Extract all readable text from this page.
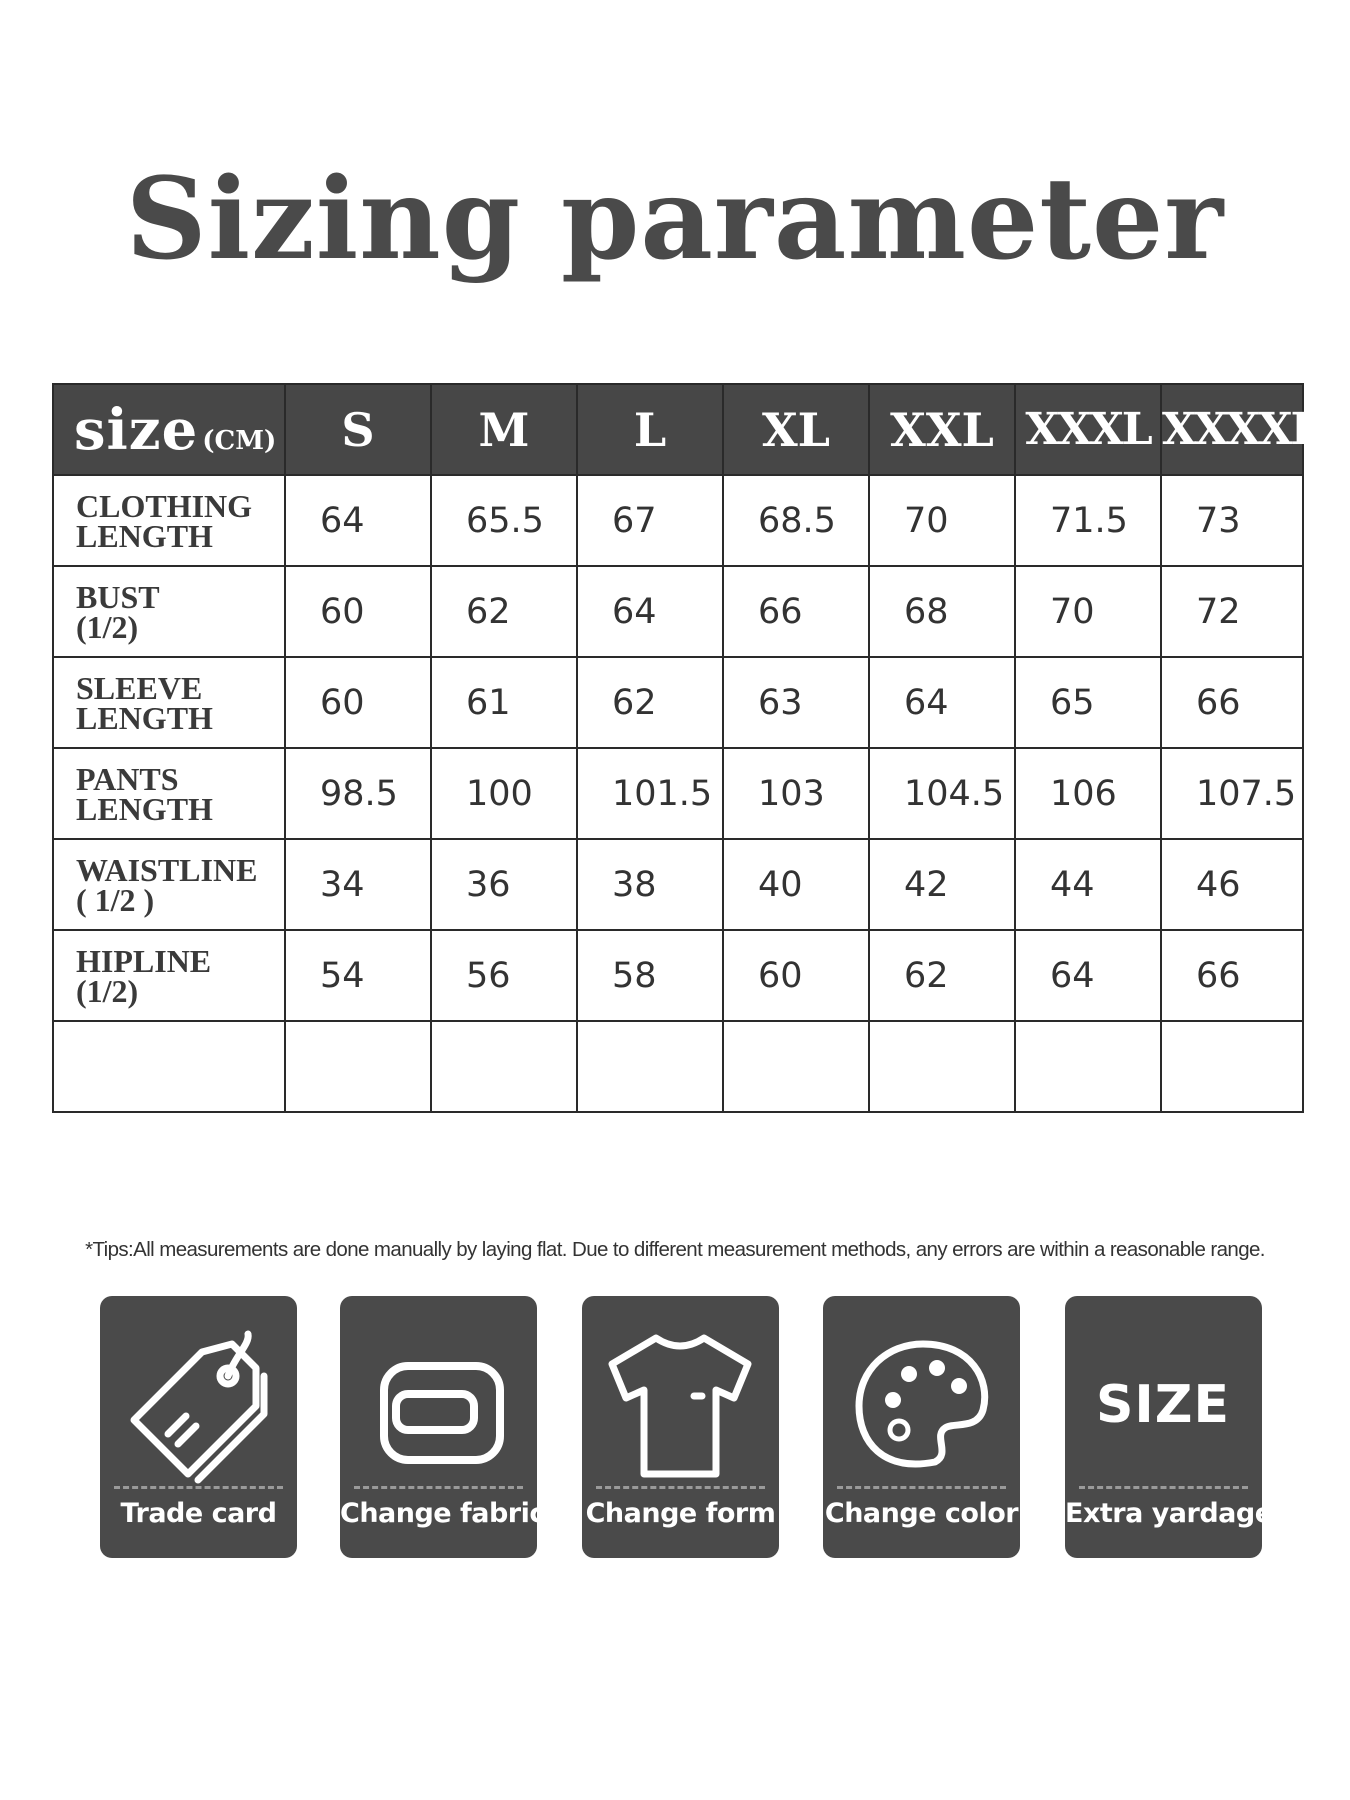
Sizing parameter
size (CM)	S	M	L	XL	XXL	XXXL	XXXXL
CLOTHING
LENGTH	64	65.5	67	68.5	70	71.5	73
BUST
(1/2)	60	62	64	66	68	70	72
SLEEVE
LENGTH	60	61	62	63	64	65	66
PANTS
LENGTH	98.5	100	101.5	103	104.5	106	107.5
WAISTLINE
( 1/2 )	34	36	38	40	42	44	46
HIPLINE
(1/2)	54	56	58	60	62	64	66

*Tips:All measurements are done manually by laying flat. Due to different measurement methods, any errors are within a reasonable range.
Trade card	Change fabric Change form Change color
SIZE
Extra yardage
